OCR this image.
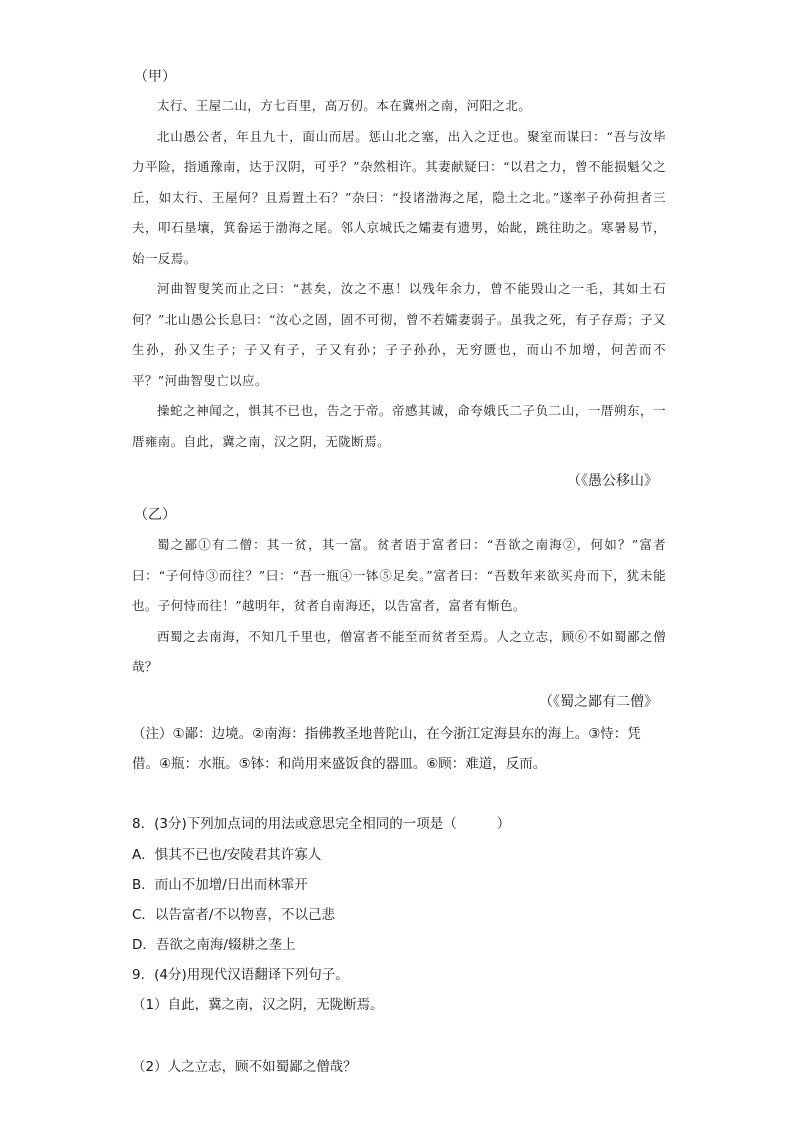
（甲）
太行、王屋二山，方七百里，高万仞。本在冀州之南，河阳之北。
北山愚公者，年且九十，面山而居。惩山北之塞，出入之迂也。聚室而谋曰：“吾与汝毕力平险，指通豫南，达于汉阴，可乎？”杂然相许。其妻献疑曰：“以君之力，曾不能损魁父之丘，如太行、王屋何？且焉置土石？”杂曰：“投诸渤海之尾，隐土之北。”遂率子孙荷担者三夫，叩石垦壤，箕畚运于渤海之尾。邻人京城氏之孀妻有遗男，始龀，跳往助之。寒暑易节，始一反焉。
河曲智叟笑而止之曰：“甚矣，汝之不惠！以残年余力，曾不能毁山之一毛，其如土石何？”北山愚公长息曰：“汝心之固，固不可彻，曾不若孀妻弱子。虽我之死，有子存焉；子又生孙，孙又生子；子又有子，子又有孙；子子孙孙，无穷匮也，而山不加增，何苦而不平？”河曲智叟亡以应。
操蛇之神闻之，惧其不已也，告之于帝。帝感其诚，命夸娥氏二子负二山，一厝朔东，一厝雍南。自此，冀之南，汉之阴，无陇断焉。
（《愚公移山》
（乙）
蜀之鄙①有二僧：其一贫，其一富。贫者语于富者曰：“吾欲之南海②，何如？”富者曰：“子何恃③而往？”曰：“吾一瓶④一钵⑤足矣。”富者曰：“吾数年来欲买舟而下，犹未能也。子何恃而往！”越明年，贫者自南海还，以告富者，富者有惭色。
西蜀之去南海，不知几千里也，僧富者不能至而贫者至焉。人之立志，顾⑥不如蜀鄙之僧哉？
（《蜀之鄙有二僧》
（注）①鄙：边境。②南海：指佛教圣地普陀山，在今浙江定海县东的海上。③恃：凭借。④瓶：水瓶。⑤钵：和尚用来盛饭食的器皿。⑥顾：难道，反而。
8．(3分)下列加点词的用法或意思完全相同的一项是（	）
A．惧其不已也/安陵君其许寡人
B．而山不加增/日出而林霏开
C．以告富者/不以物喜，不以己悲
D．吾欲之南海/辍耕之垄上
9．(4分)用现代汉语翻译下列句子。
（1）自此，冀之南，汉之阴，无陇断焉。
（2）人之立志，顾不如蜀鄙之僧哉？
